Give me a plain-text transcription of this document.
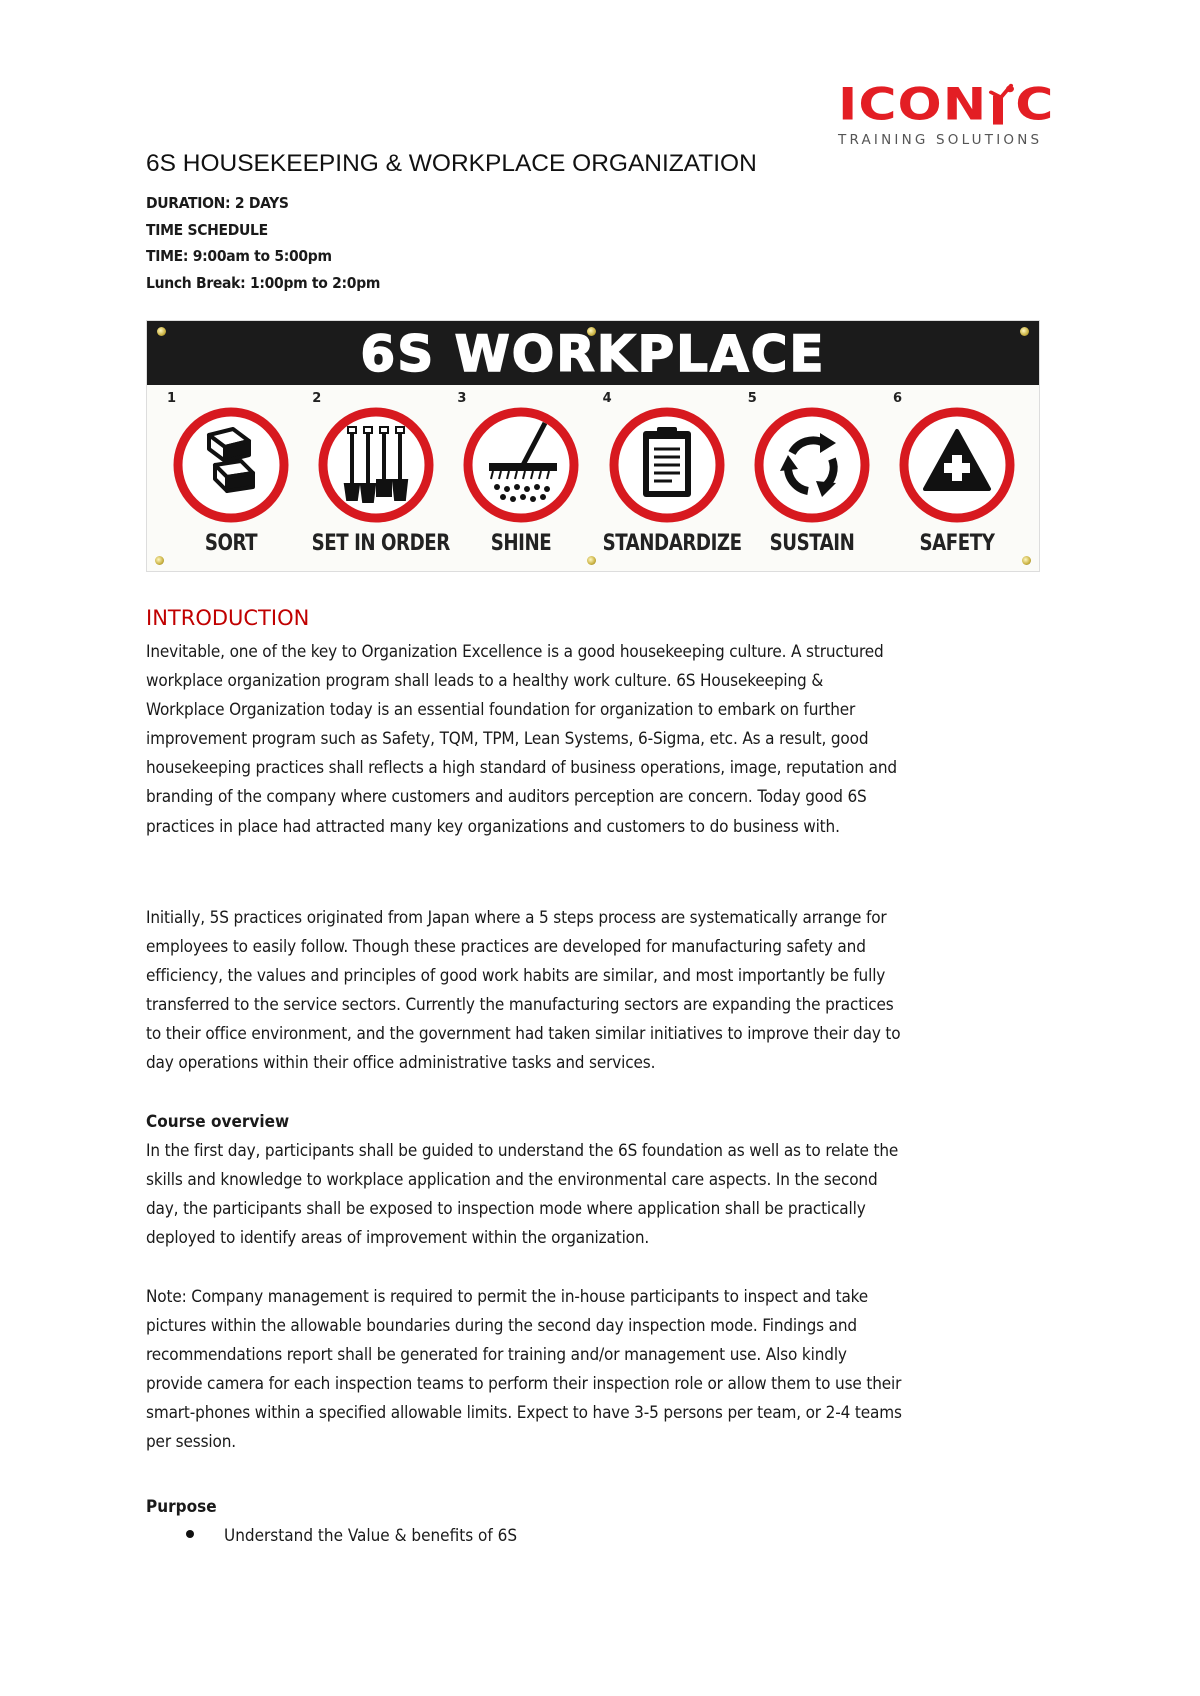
ICON C
TRAINING SOLUTIONS
6S HOUSEKEEPING & WORKPLACE ORGANIZATION
DURATION: 2 DAYS
TIME SCHEDULE
TIME: 9:00am to 5:00pm
Lunch Break: 1:00pm to 2:0pm
6S WORKPLACE
1
SORT
2
SET IN ORDER
3
SHINE
4
STANDARDIZE
5
SUSTAIN
6
SAFETY
INTRODUCTION
Inevitable, one of the key to Organization Excellence is a good housekeeping culture. A structured
workplace organization program shall leads to a healthy work culture. 6S Housekeeping &
Workplace Organization today is an essential foundation for organization to embark on further
improvement program such as Safety, TQM, TPM, Lean Systems, 6-Sigma, etc. As a result, good
housekeeping practices shall reflects a high standard of business operations, image, reputation and
branding of the company where customers and auditors perception are concern. Today good 6S
practices in place had attracted many key organizations and customers to do business with.
Initially, 5S practices originated from Japan where a 5 steps process are systematically arrange for
employees to easily follow. Though these practices are developed for manufacturing safety and
efficiency, the values and principles of good work habits are similar, and most importantly be fully
transferred to the service sectors. Currently the manufacturing sectors are expanding the practices
to their office environment, and the government had taken similar initiatives to improve their day to
day operations within their office administrative tasks and services.
Course overview
In the first day, participants shall be guided to understand the 6S foundation as well as to relate the
skills and knowledge to workplace application and the environmental care aspects. In the second
day, the participants shall be exposed to inspection mode where application shall be practically
deployed to identify areas of improvement within the organization.
Note: Company management is required to permit the in-house participants to inspect and take
pictures within the allowable boundaries during the second day inspection mode. Findings and
recommendations report shall be generated for training and/or management use. Also kindly
provide camera for each inspection teams to perform their inspection role or allow them to use their
smart-phones within a specified allowable limits. Expect to have 3-5 persons per team, or 2-4 teams
per session.
Purpose
Understand the Value & benefits of 6S
